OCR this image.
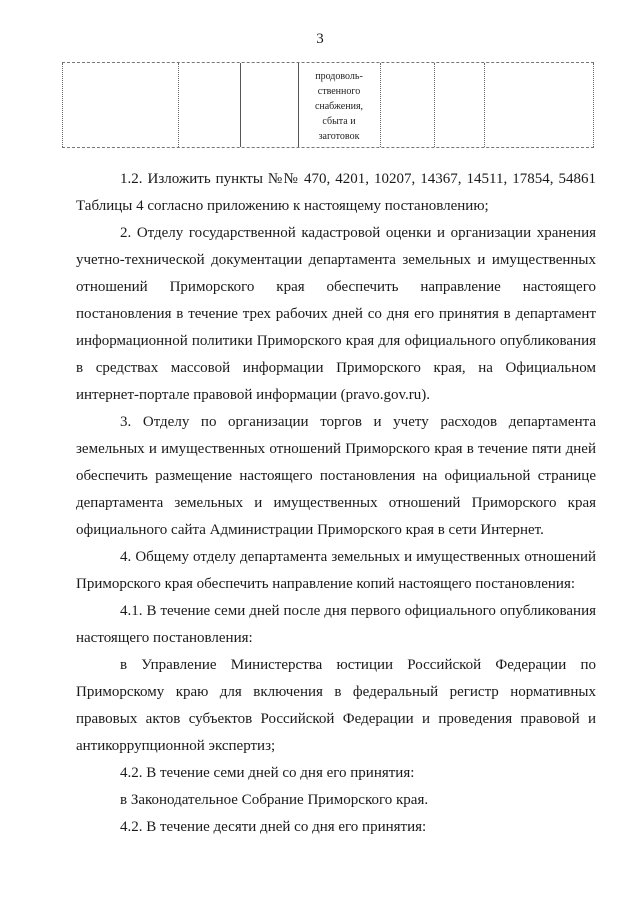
3
продоволь-
ственного
снабжения,
сбыта и
заготовок

1.2. Изложить пункты №№ 470, 4201, 10207, 14367, 14511, 17854, 54861 Таблицы 4 согласно приложению к настоящему постановлению;

2. Отделу государственной кадастровой оценки и организации хранения учетно-технической документации департамента земельных и имущественных отношений Приморского края обеспечить направление настоящего постановления в течение трех рабочих дней со дня его принятия в департамент информационной политики Приморского края для официального опубликования в средствах массовой информации Приморского края, на Официальном интернет-портале правовой информации (pravo.gov.ru).

3. Отделу по организации торгов и учету расходов департамента земельных и имущественных отношений Приморского края в течение пяти дней обеспечить размещение настоящего постановления на официальной странице департамента земельных и имущественных отношений Приморского края официального сайта Администрации Приморского края в сети Интернет.

4. Общему отделу департамента земельных и имущественных отношений Приморского края обеспечить направление копий настоящего постановления:

4.1. В течение семи дней после дня первого официального опубликования настоящего постановления:

в Управление Министерства юстиции Российской Федерации по Приморскому краю для включения в федеральный регистр нормативных правовых актов субъектов Российской Федерации и проведения правовой и антикоррупционной экспертиз;

4.2. В течение семи дней со дня его принятия:

в Законодательное Собрание Приморского края.

4.2. В течение десяти дней со дня его принятия:
